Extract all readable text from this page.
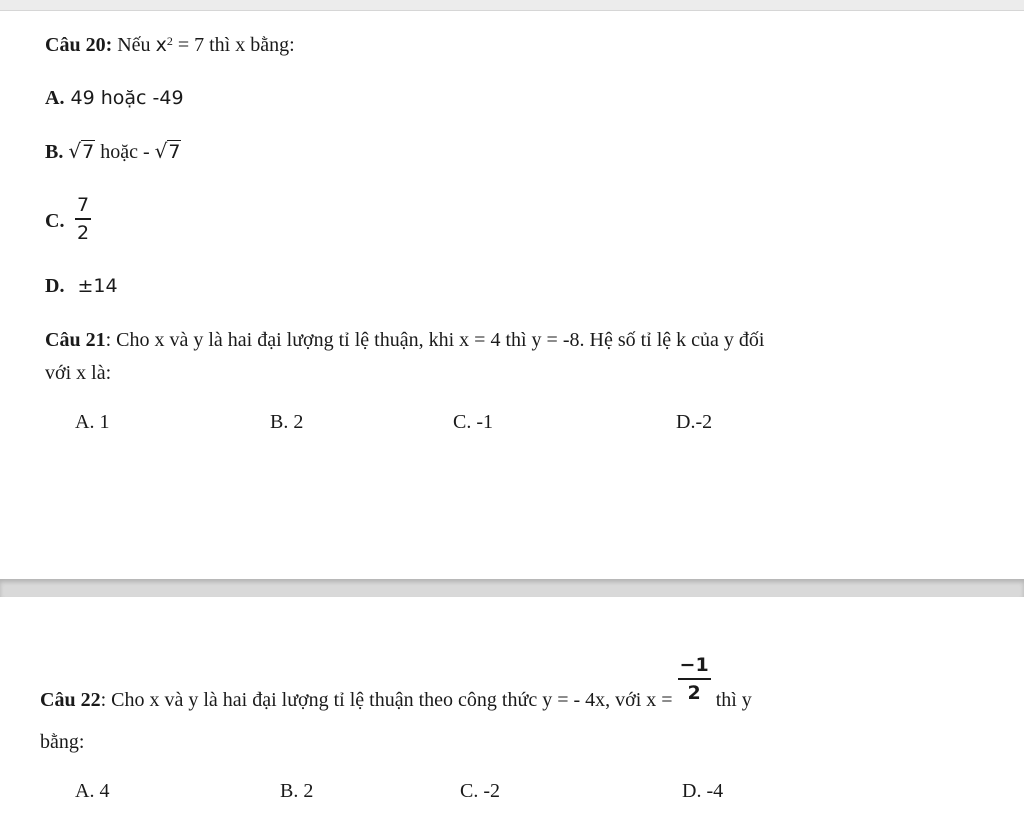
Câu 20: Nếu $x^2 = 7$ thì x bằng:
A. 49 hoặc -49
B. √7 hoặc - √7
C.
7
2
D. ±14
Câu 21: Cho x và y là hai đại lượng tỉ lệ thuận, khi x = 4 thì y = -8. Hệ số tỉ lệ k của y đối
với x là:
A. 1	B. 2	C. -1	D.-2
Câu 22: Cho x và y là hai đại lượng tỉ lệ thuận theo công thức y = - 4x, với $x = \frac{-1}{2}$ thì y
bằng:
A. 4	B. 2	C. -2	D. -4
